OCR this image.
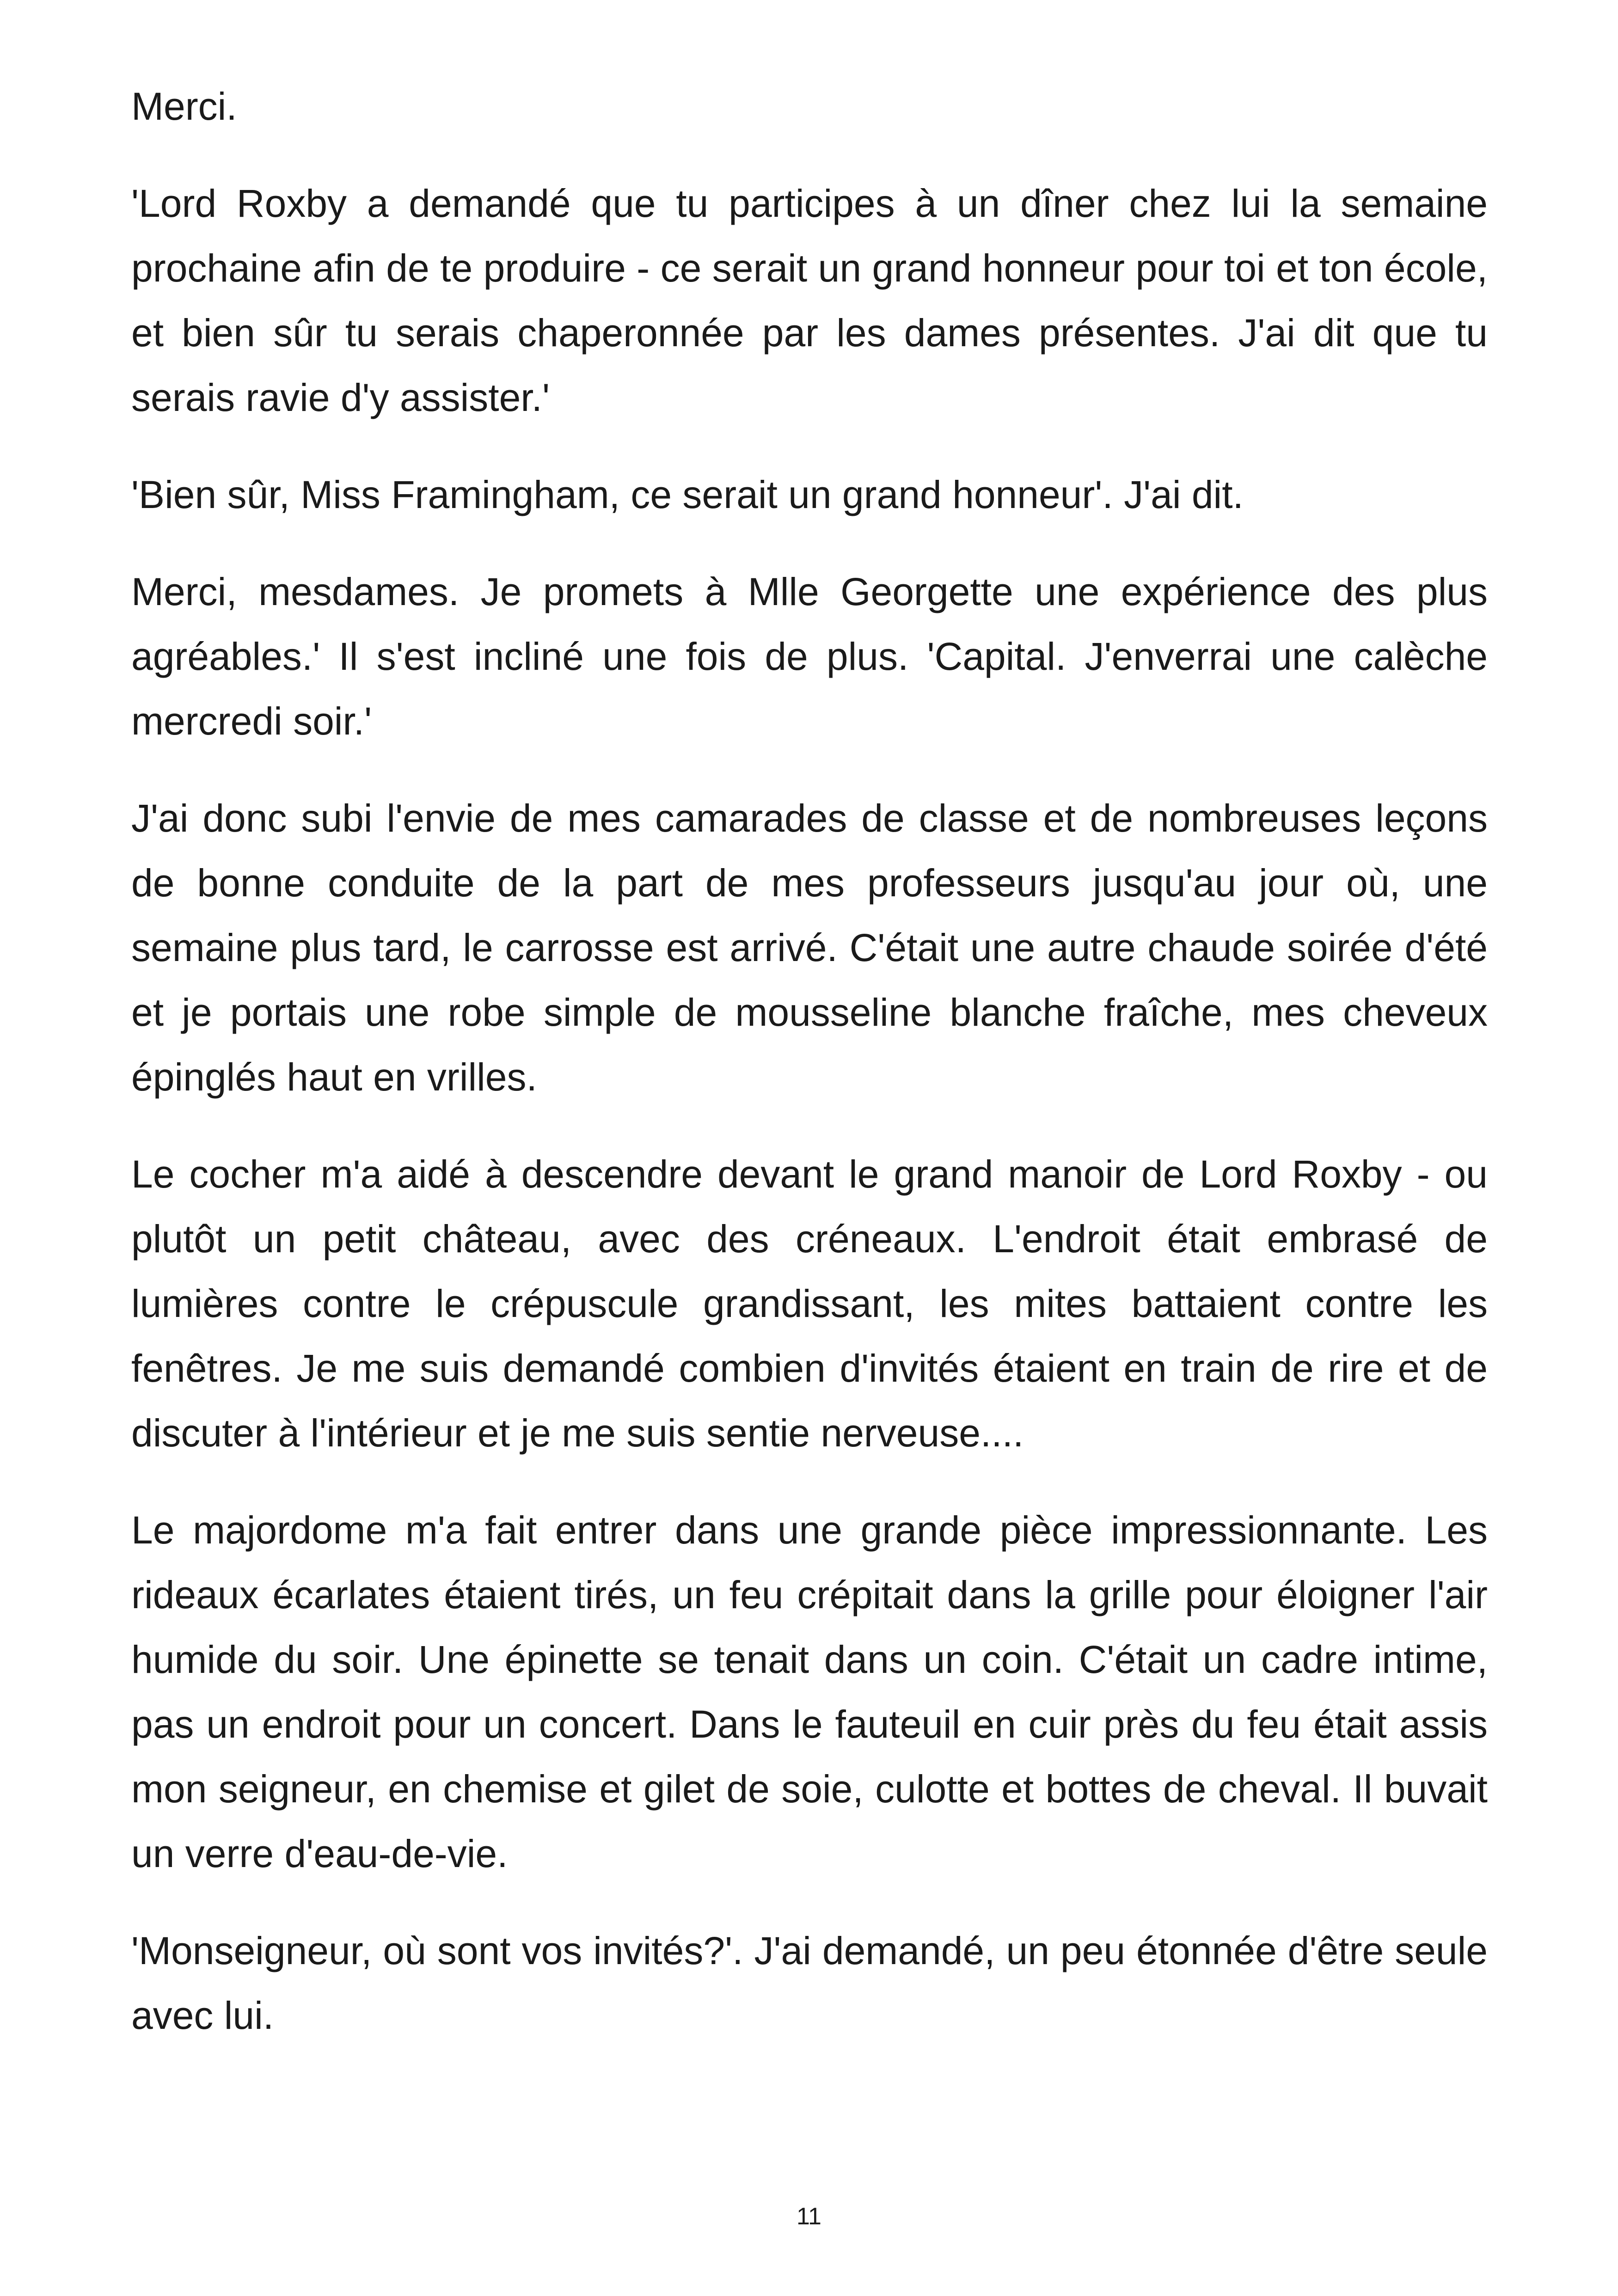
Merci.

'Lord Roxby a demandé que tu participes à un dîner chez lui la semaine prochaine afin de te produire - ce serait un grand honneur pour toi et ton école, et bien sûr tu serais chaperonnée par les dames présentes. J'ai dit que tu serais ravie d'y assister.'

'Bien sûr, Miss Framingham, ce serait un grand honneur'. J'ai dit.

Merci, mesdames. Je promets à Mlle Georgette une expérience des plus agréables.' Il s'est incliné une fois de plus. 'Capital. J'enverrai une calèche mercredi soir.'

J'ai donc subi l'envie de mes camarades de classe et de nombreuses leçons de bonne conduite de la part de mes professeurs jusqu'au jour où, une semaine plus tard, le carrosse est arrivé. C'était une autre chaude soirée d'été et je portais une robe simple de mousseline blanche fraîche, mes cheveux épinglés haut en vrilles.

Le cocher m'a aidé à descendre devant le grand manoir de Lord Roxby - ou plutôt un petit château, avec des créneaux. L'endroit était embrasé de lumières contre le crépuscule grandissant, les mites battaient contre les fenêtres. Je me suis demandé combien d'invités étaient en train de rire et de discuter à l'intérieur et je me suis sentie nerveuse....

Le majordome m'a fait entrer dans une grande pièce impressionnante. Les rideaux écarlates étaient tirés, un feu crépitait dans la grille pour éloigner l'air humide du soir. Une épinette se tenait dans un coin. C'était un cadre intime, pas un endroit pour un concert. Dans le fauteuil en cuir près du feu était assis mon seigneur, en chemise et gilet de soie, culotte et bottes de cheval. Il buvait un verre d'eau-de-vie.

'Monseigneur, où sont vos invités?'. J'ai demandé, un peu étonnée d'être seule avec lui.

11
